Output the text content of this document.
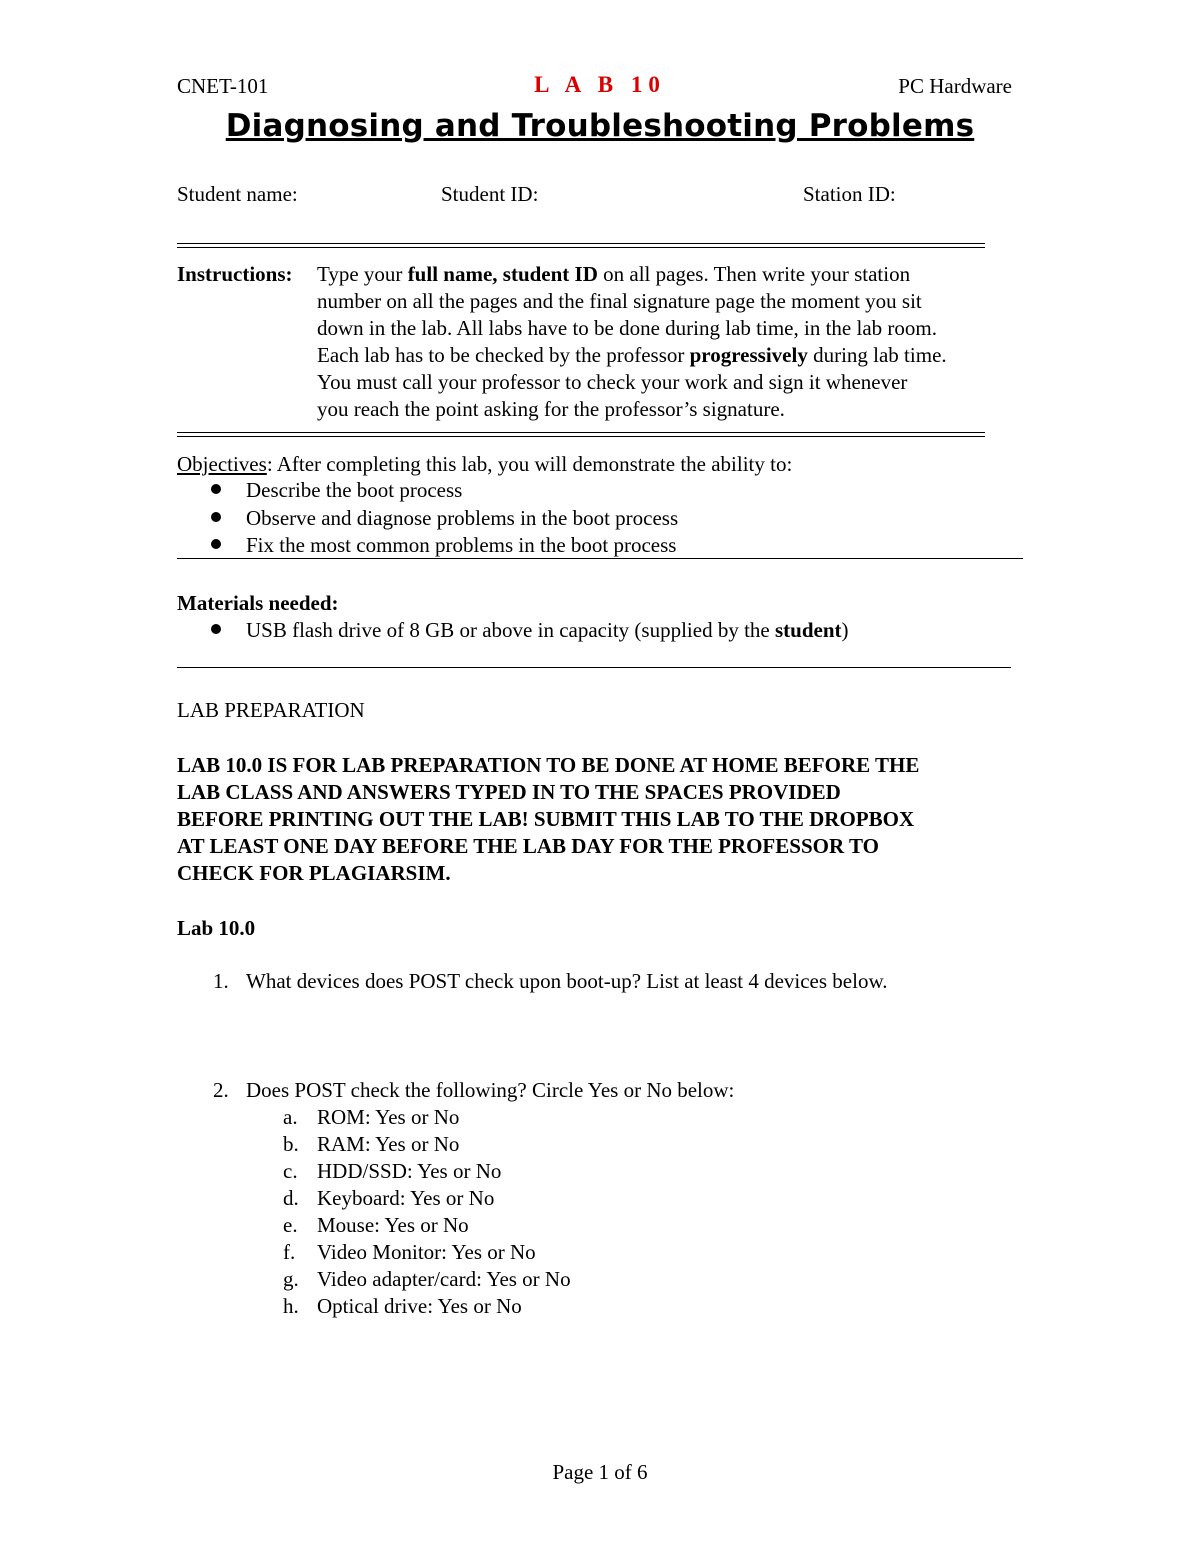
CNET-101	L A B 10	PC Hardware
Diagnosing and Troubleshooting Problems
Student name:	Student ID:	Station ID:
Instructions: Type your full name, student ID on all pages. Then write your station
number on all the pages and the final signature page the moment you sit
down in the lab. All labs have to be done during lab time, in the lab room.
Each lab has to be checked by the professor progressively during lab time.
You must call your professor to check your work and sign it whenever
you reach the point asking for the professor’s signature.
Objectives: After completing this lab, you will demonstrate the ability to:
Describe the boot process
Observe and diagnose problems in the boot process
Fix the most common problems in the boot process
Materials needed:
USB flash drive of 8 GB or above in capacity (supplied by the student)
LAB PREPARATION
LAB 10.0 IS FOR LAB PREPARATION TO BE DONE AT HOME BEFORE THE
LAB CLASS AND ANSWERS TYPED IN TO THE SPACES PROVIDED
BEFORE PRINTING OUT THE LAB! SUBMIT THIS LAB TO THE DROPBOX
AT LEAST ONE DAY BEFORE THE LAB DAY FOR THE PROFESSOR TO
CHECK FOR PLAGIARSIM.
Lab 10.0
1. What devices does POST check upon boot-up? List at least 4 devices below.
2. Does POST check the following? Circle Yes or No below:
a. ROM: Yes or No
b. RAM: Yes or No
c. HDD/SSD: Yes or No
d. Keyboard: Yes or No
e. Mouse: Yes or No
f. Video Monitor: Yes or No
g. Video adapter/card: Yes or No
h. Optical drive: Yes or No
Page 1 of 6
